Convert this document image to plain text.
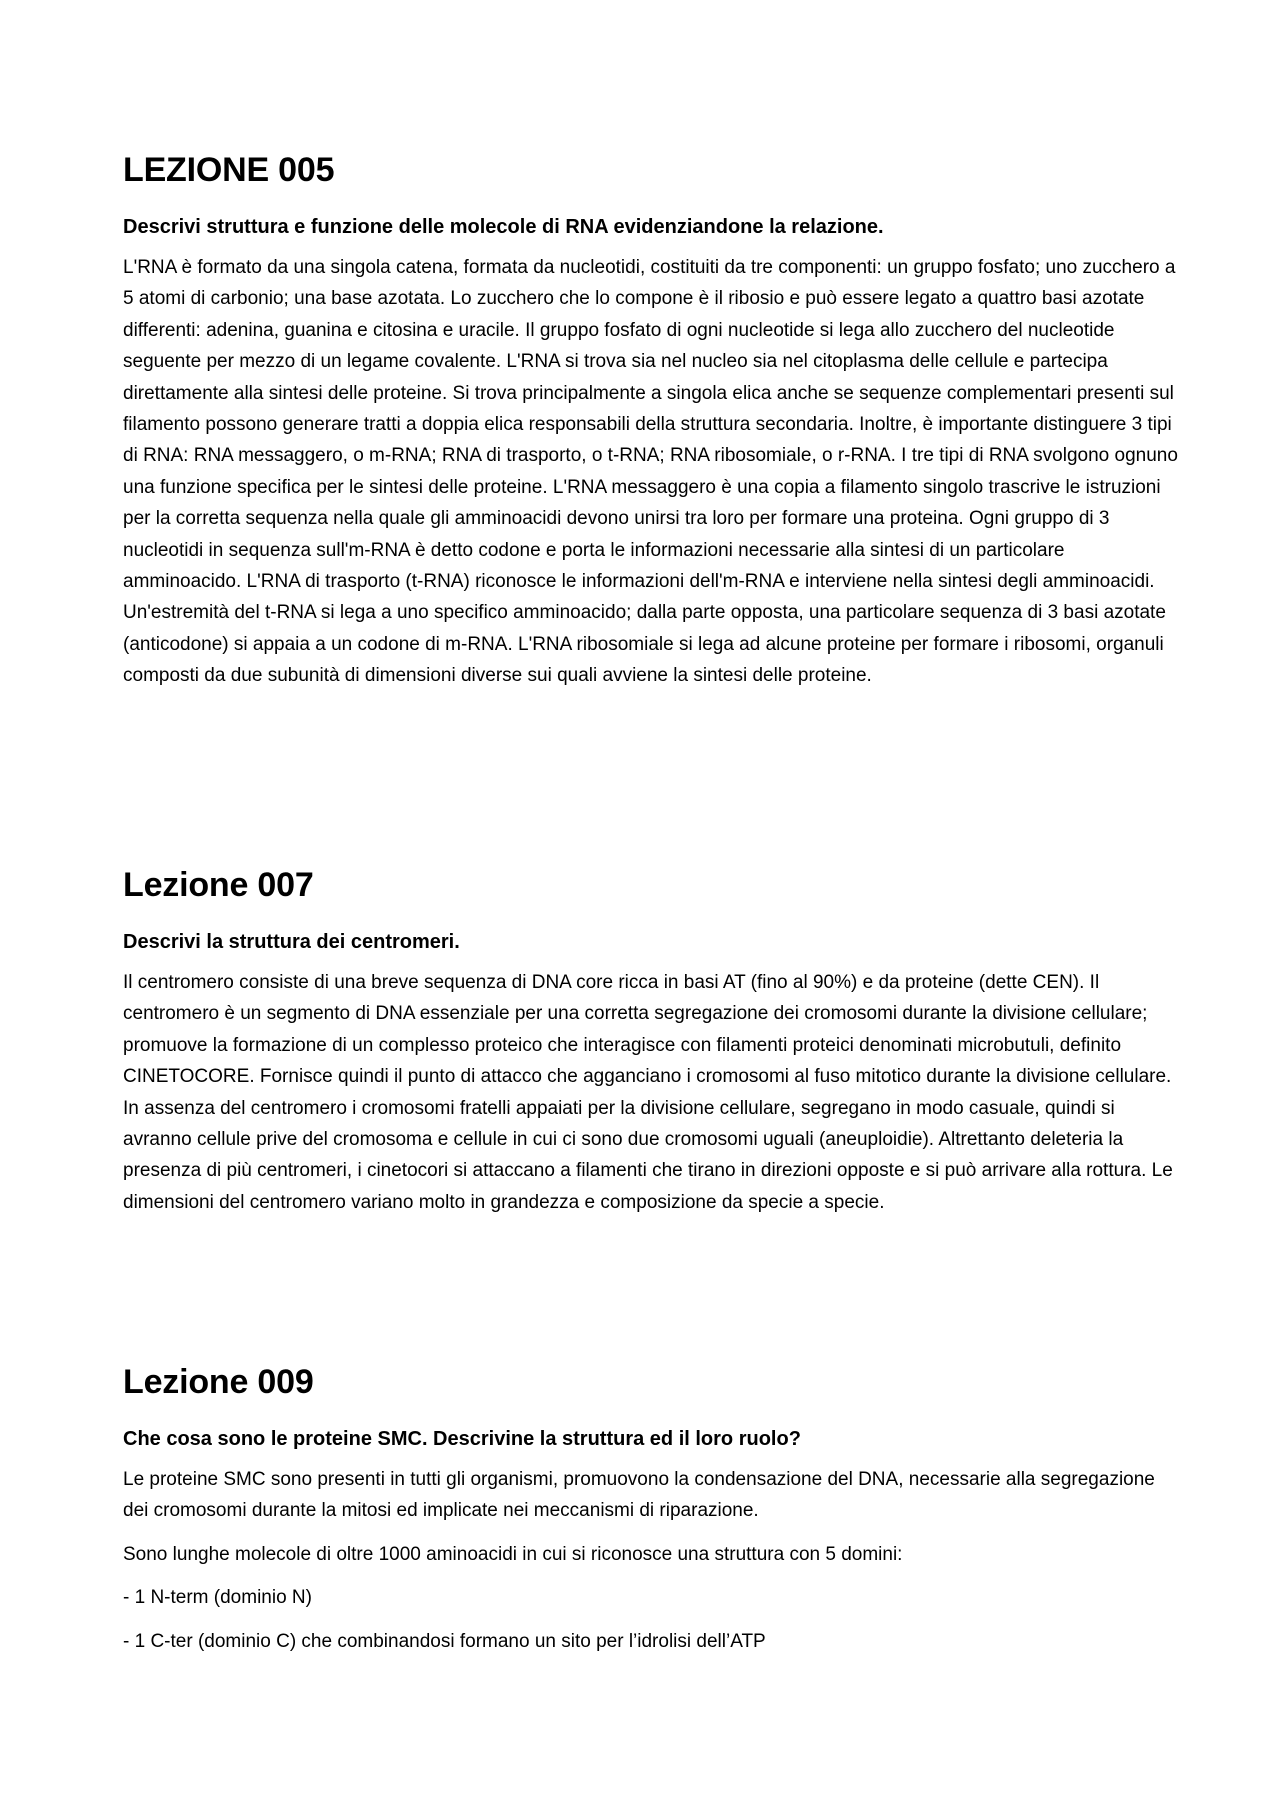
LEZIONE 005

Descrivi struttura e funzione delle molecole di RNA evidenziandone la relazione.

L'RNA è formato da una singola catena, formata da nucleotidi, costituiti da tre componenti: un gruppo fosfato; uno zucchero a 5 atomi di carbonio; una base azotata. Lo zucchero che lo compone è il ribosio e può essere legato a quattro basi azotate differenti: adenina, guanina e citosina e uracile. Il gruppo fosfato di ogni nucleotide si lega allo zucchero del nucleotide seguente per mezzo di un legame covalente. L'RNA si trova sia nel nucleo sia nel citoplasma delle cellule e partecipa direttamente alla sintesi delle proteine. Si trova principalmente a singola elica anche se sequenze complementari presenti sul filamento possono generare tratti a doppia elica responsabili della struttura secondaria. Inoltre, è importante distinguere 3 tipi di RNA: RNA messaggero, o m-RNA; RNA di trasporto, o t-RNA; RNA ribosomiale, o r-RNA. I tre tipi di RNA svolgono ognuno una funzione specifica per le sintesi delle proteine. L'RNA messaggero è una copia a filamento singolo trascrive le istruzioni per la corretta sequenza nella quale gli amminoacidi devono unirsi tra loro per formare una proteina. Ogni gruppo di 3 nucleotidi in sequenza sull'm-RNA è detto codone e porta le informazioni necessarie alla sintesi di un particolare amminoacido. L'RNA di trasporto (t-RNA) riconosce le informazioni dell'm-RNA e interviene nella sintesi degli amminoacidi. Un'estremità del t-RNA si lega a uno specifico amminoacido; dalla parte opposta, una particolare sequenza di 3 basi azotate (anticodone) si appaia a un codone di m-RNA. L'RNA ribosomiale si lega ad alcune proteine per formare i ribosomi, organuli composti da due subunità di dimensioni diverse sui quali avviene la sintesi delle proteine.

Lezione 007

Descrivi la struttura dei centromeri.

Il centromero consiste di una breve sequenza di DNA core ricca in basi AT (fino al 90%) e da proteine (dette CEN). Il centromero è un segmento di DNA essenziale per una corretta segregazione dei cromosomi durante la divisione cellulare; promuove la formazione di un complesso proteico che interagisce con filamenti proteici denominati microbutuli, definito CINETOCORE. Fornisce quindi il punto di attacco che agganciano i cromosomi al fuso mitotico durante la divisione cellulare. In assenza del centromero i cromosomi fratelli appaiati per la divisione cellulare, segregano in modo casuale, quindi si avranno cellule prive del cromosoma e cellule in cui ci sono due cromosomi uguali (aneuploidie). Altrettanto deleteria la presenza di più centromeri, i cinetocori si attaccano a filamenti che tirano in direzioni opposte e si può arrivare alla rottura. Le dimensioni del centromero variano molto in grandezza e composizione da specie a specie.

Lezione 009

Che cosa sono le proteine SMC. Descrivine la struttura ed il loro ruolo?

Le proteine SMC sono presenti in tutti gli organismi, promuovono la condensazione del DNA, necessarie alla segregazione dei cromosomi durante la mitosi ed implicate nei meccanismi di riparazione.

Sono lunghe molecole di oltre 1000 aminoacidi in cui si riconosce una struttura con 5 domini:

- 1 N-term (dominio N)

- 1 C-ter (dominio C) che combinandosi formano un sito per l’idrolisi dell’ATP
